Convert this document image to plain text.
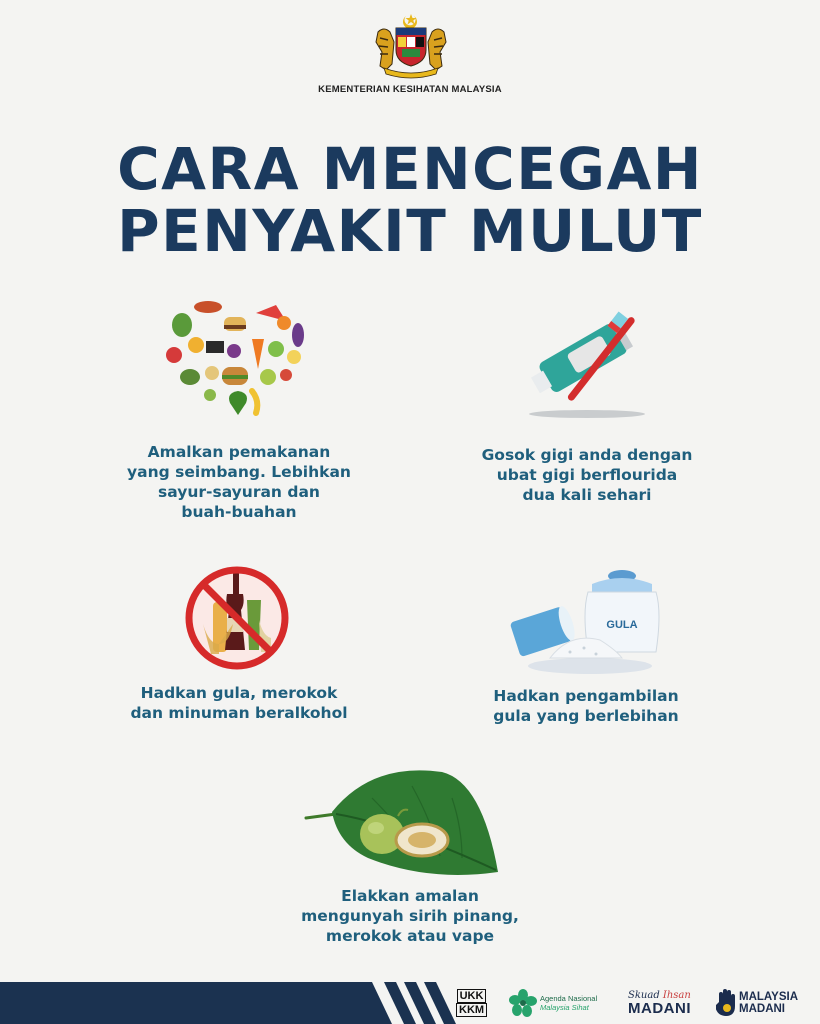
KEMENTERIAN KESIHATAN MALAYSIA
CARA MENCEGAH
PENYAKIT MULUT
Amalkan pemakanan
yang seimbang. Lebihkan
sayur-sayuran dan
buah-buahan
Gosok gigi anda dengan
ubat gigi berflourida
dua kali sehari
Hadkan gula, merokok
dan minuman beralkohol
GULA
Hadkan pengambilan
gula yang berlebihan
Elakkan amalan
mengunyah sirih pinang,
merokok atau vape
UKK
KKM
Agenda Nasional
Malaysia Sihat
Skuad Ihsan
MADANI
MALAYSIA
MADANI
